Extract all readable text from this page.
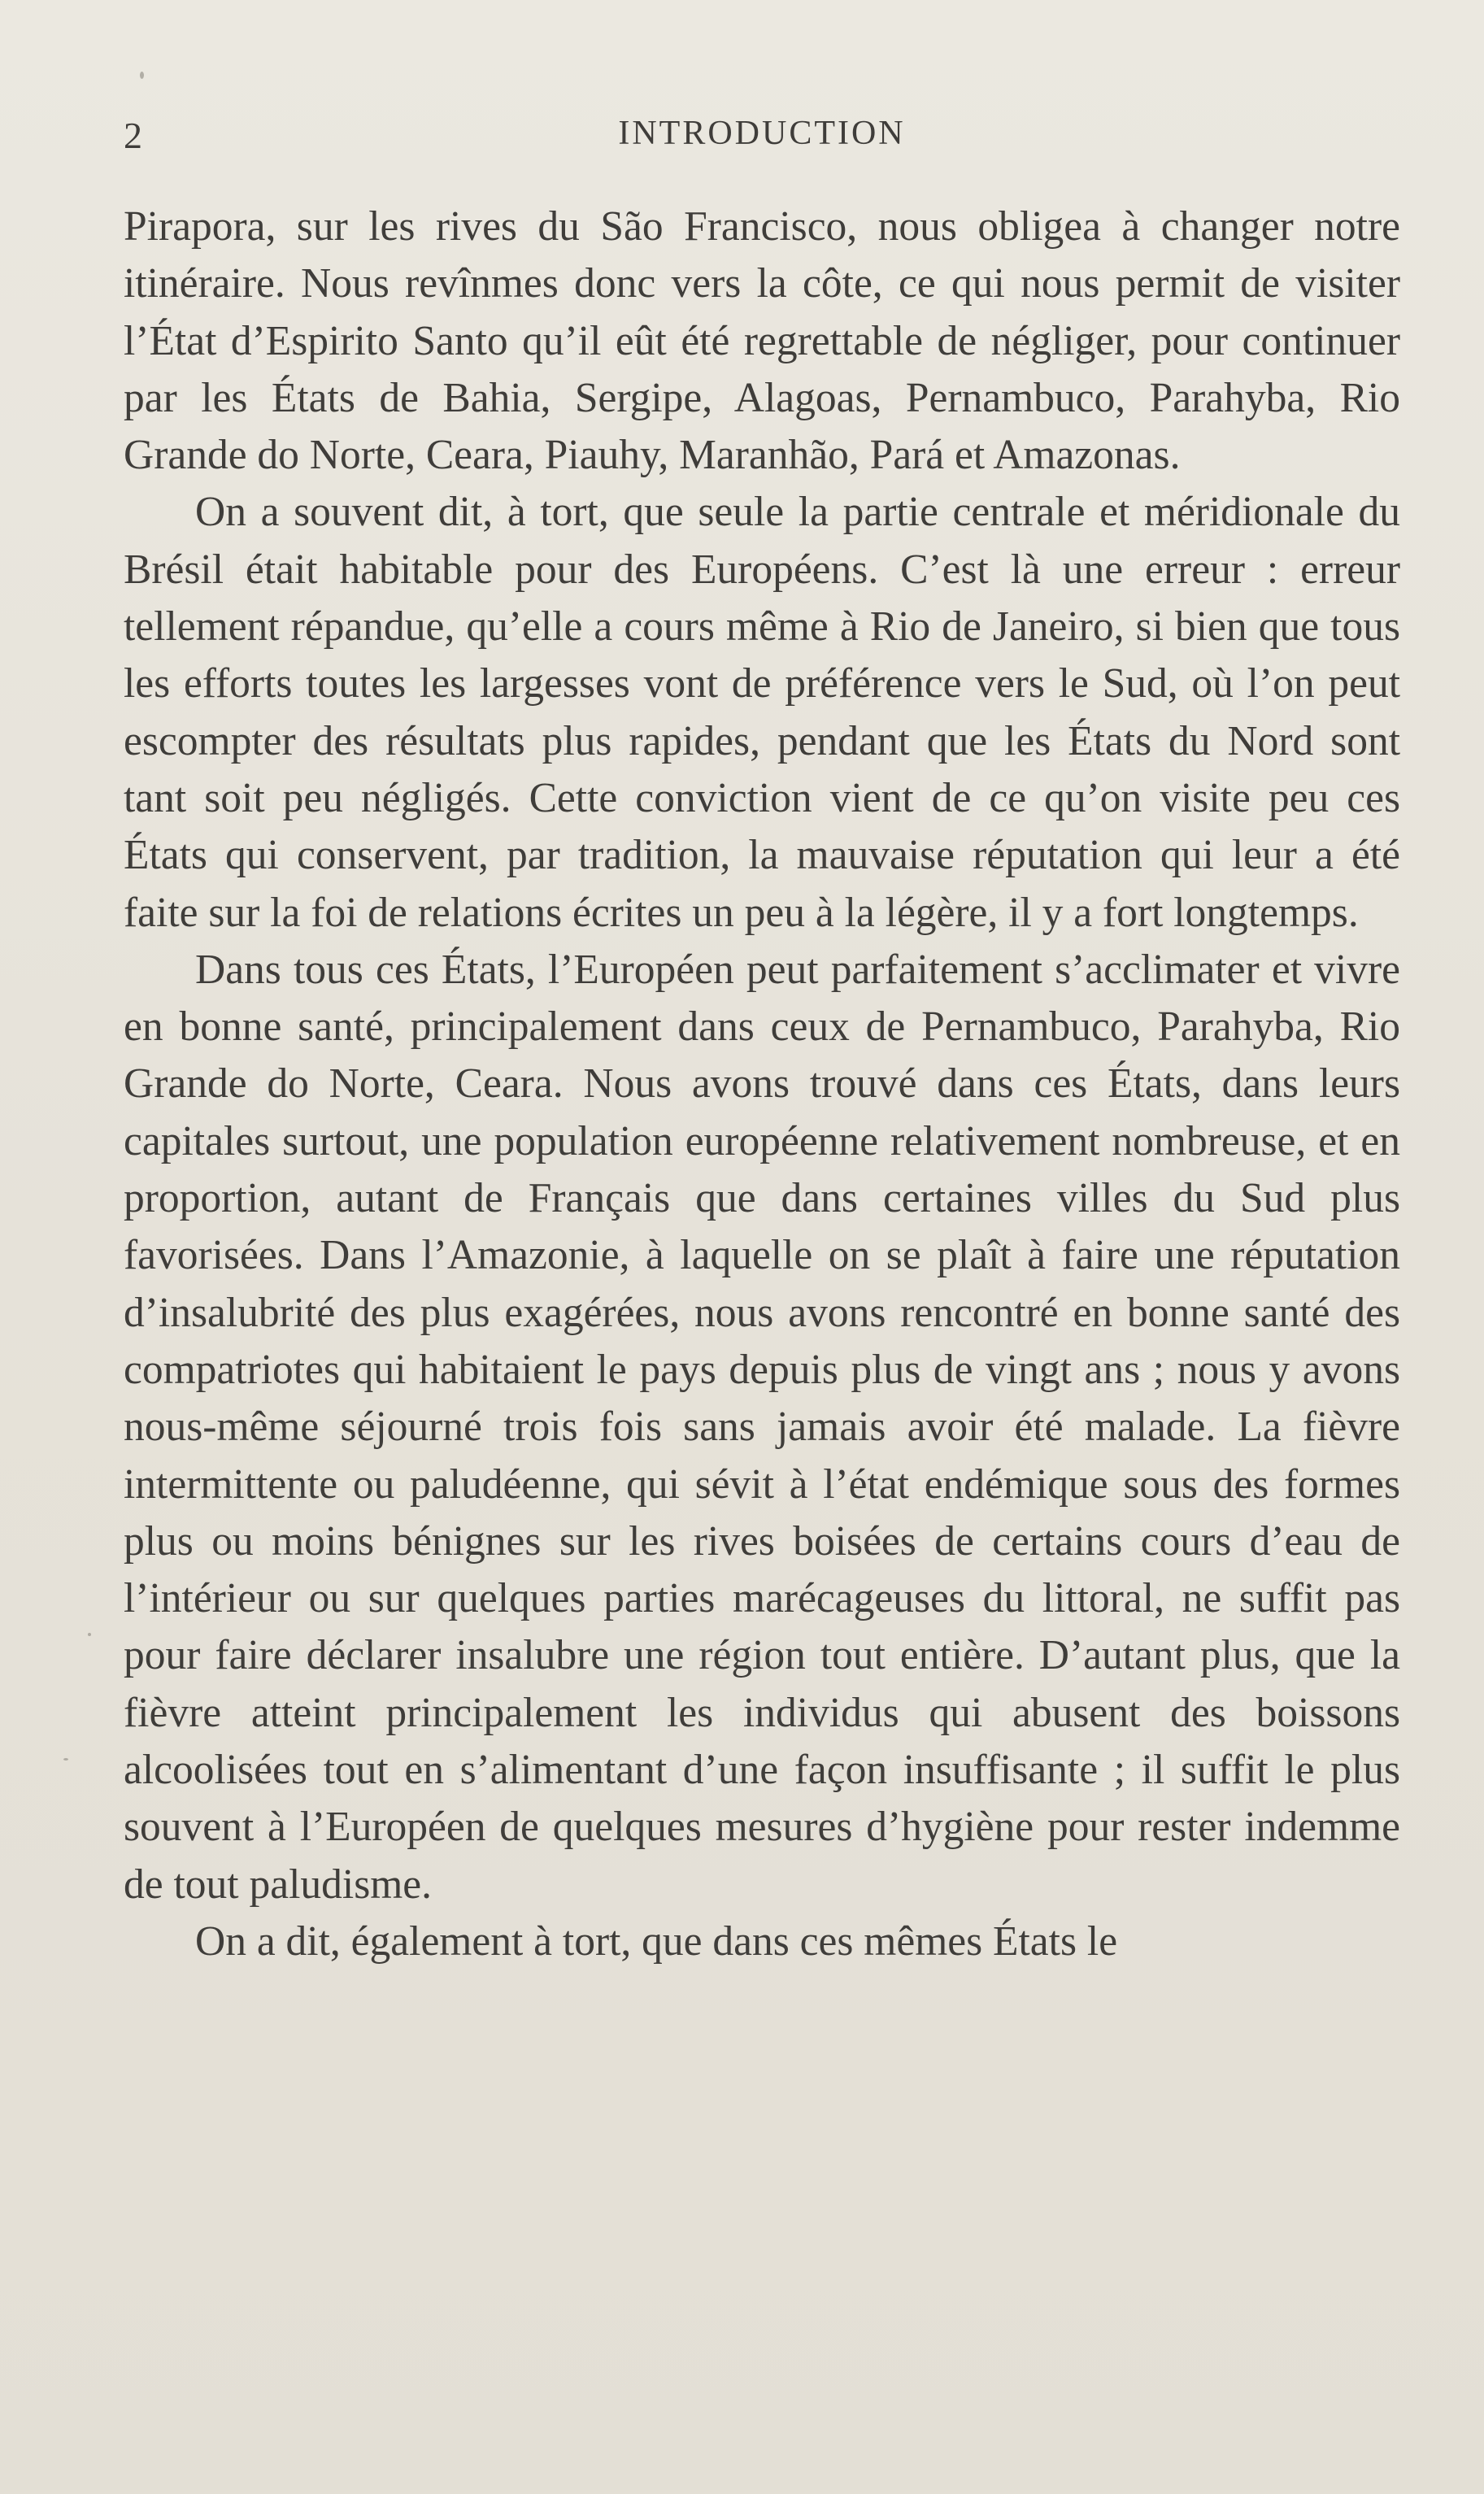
2	INTRODUCTION

Pirapora, sur les rives du São Francisco, nous obligea à changer notre itinéraire. Nous revînmes donc vers la côte, ce qui nous permit de visiter l’État d’Espirito Santo qu’il eût été regrettable de négliger, pour continuer par les États de Bahia, Sergipe, Alagoas, Pernambuco, Parahyba, Rio Grande do Norte, Ceara, Piauhy, Maranhão, Pará et Amazonas.

On a souvent dit, à tort, que seule la partie centrale et méridionale du Brésil était habitable pour des Européens. C’est là une erreur : erreur tellement répandue, qu’elle a cours même à Rio de Janeiro, si bien que tous les efforts toutes les largesses vont de préférence vers le Sud, où l’on peut escompter des résultats plus rapides, pendant que les États du Nord sont tant soit peu négligés. Cette conviction vient de ce qu’on visite peu ces États qui conservent, par tradition, la mauvaise réputation qui leur a été faite sur la foi de relations écrites un peu à la légère, il y a fort longtemps.

Dans tous ces États, l’Européen peut parfaitement s’acclimater et vivre en bonne santé, principalement dans ceux de Pernambuco, Parahyba, Rio Grande do Norte, Ceara. Nous avons trouvé dans ces États, dans leurs capitales surtout, une population européenne relativement nombreuse, et en proportion, autant de Français que dans certaines villes du Sud plus favorisées. Dans l’Amazonie, à laquelle on se plaît à faire une réputation d’insalubrité des plus exagérées, nous avons rencontré en bonne santé des compatriotes qui habitaient le pays depuis plus de vingt ans ; nous y avons nous-même séjourné trois fois sans jamais avoir été malade. La fièvre intermittente ou paludéenne, qui sévit à l’état endémique sous des formes plus ou moins bénignes sur les rives boisées de certains cours d’eau de l’intérieur ou sur quelques parties marécageuses du littoral, ne suffit pas pour faire déclarer insalubre une région tout entière. D’autant plus, que la fièvre atteint principalement les individus qui abusent des boissons alcoolisées tout en s’alimentant d’une façon insuffisante ; il suffit le plus souvent à l’Européen de quelques mesures d’hygiène pour rester indemme de tout paludisme.

On a dit, également à tort, que dans ces mêmes États le
